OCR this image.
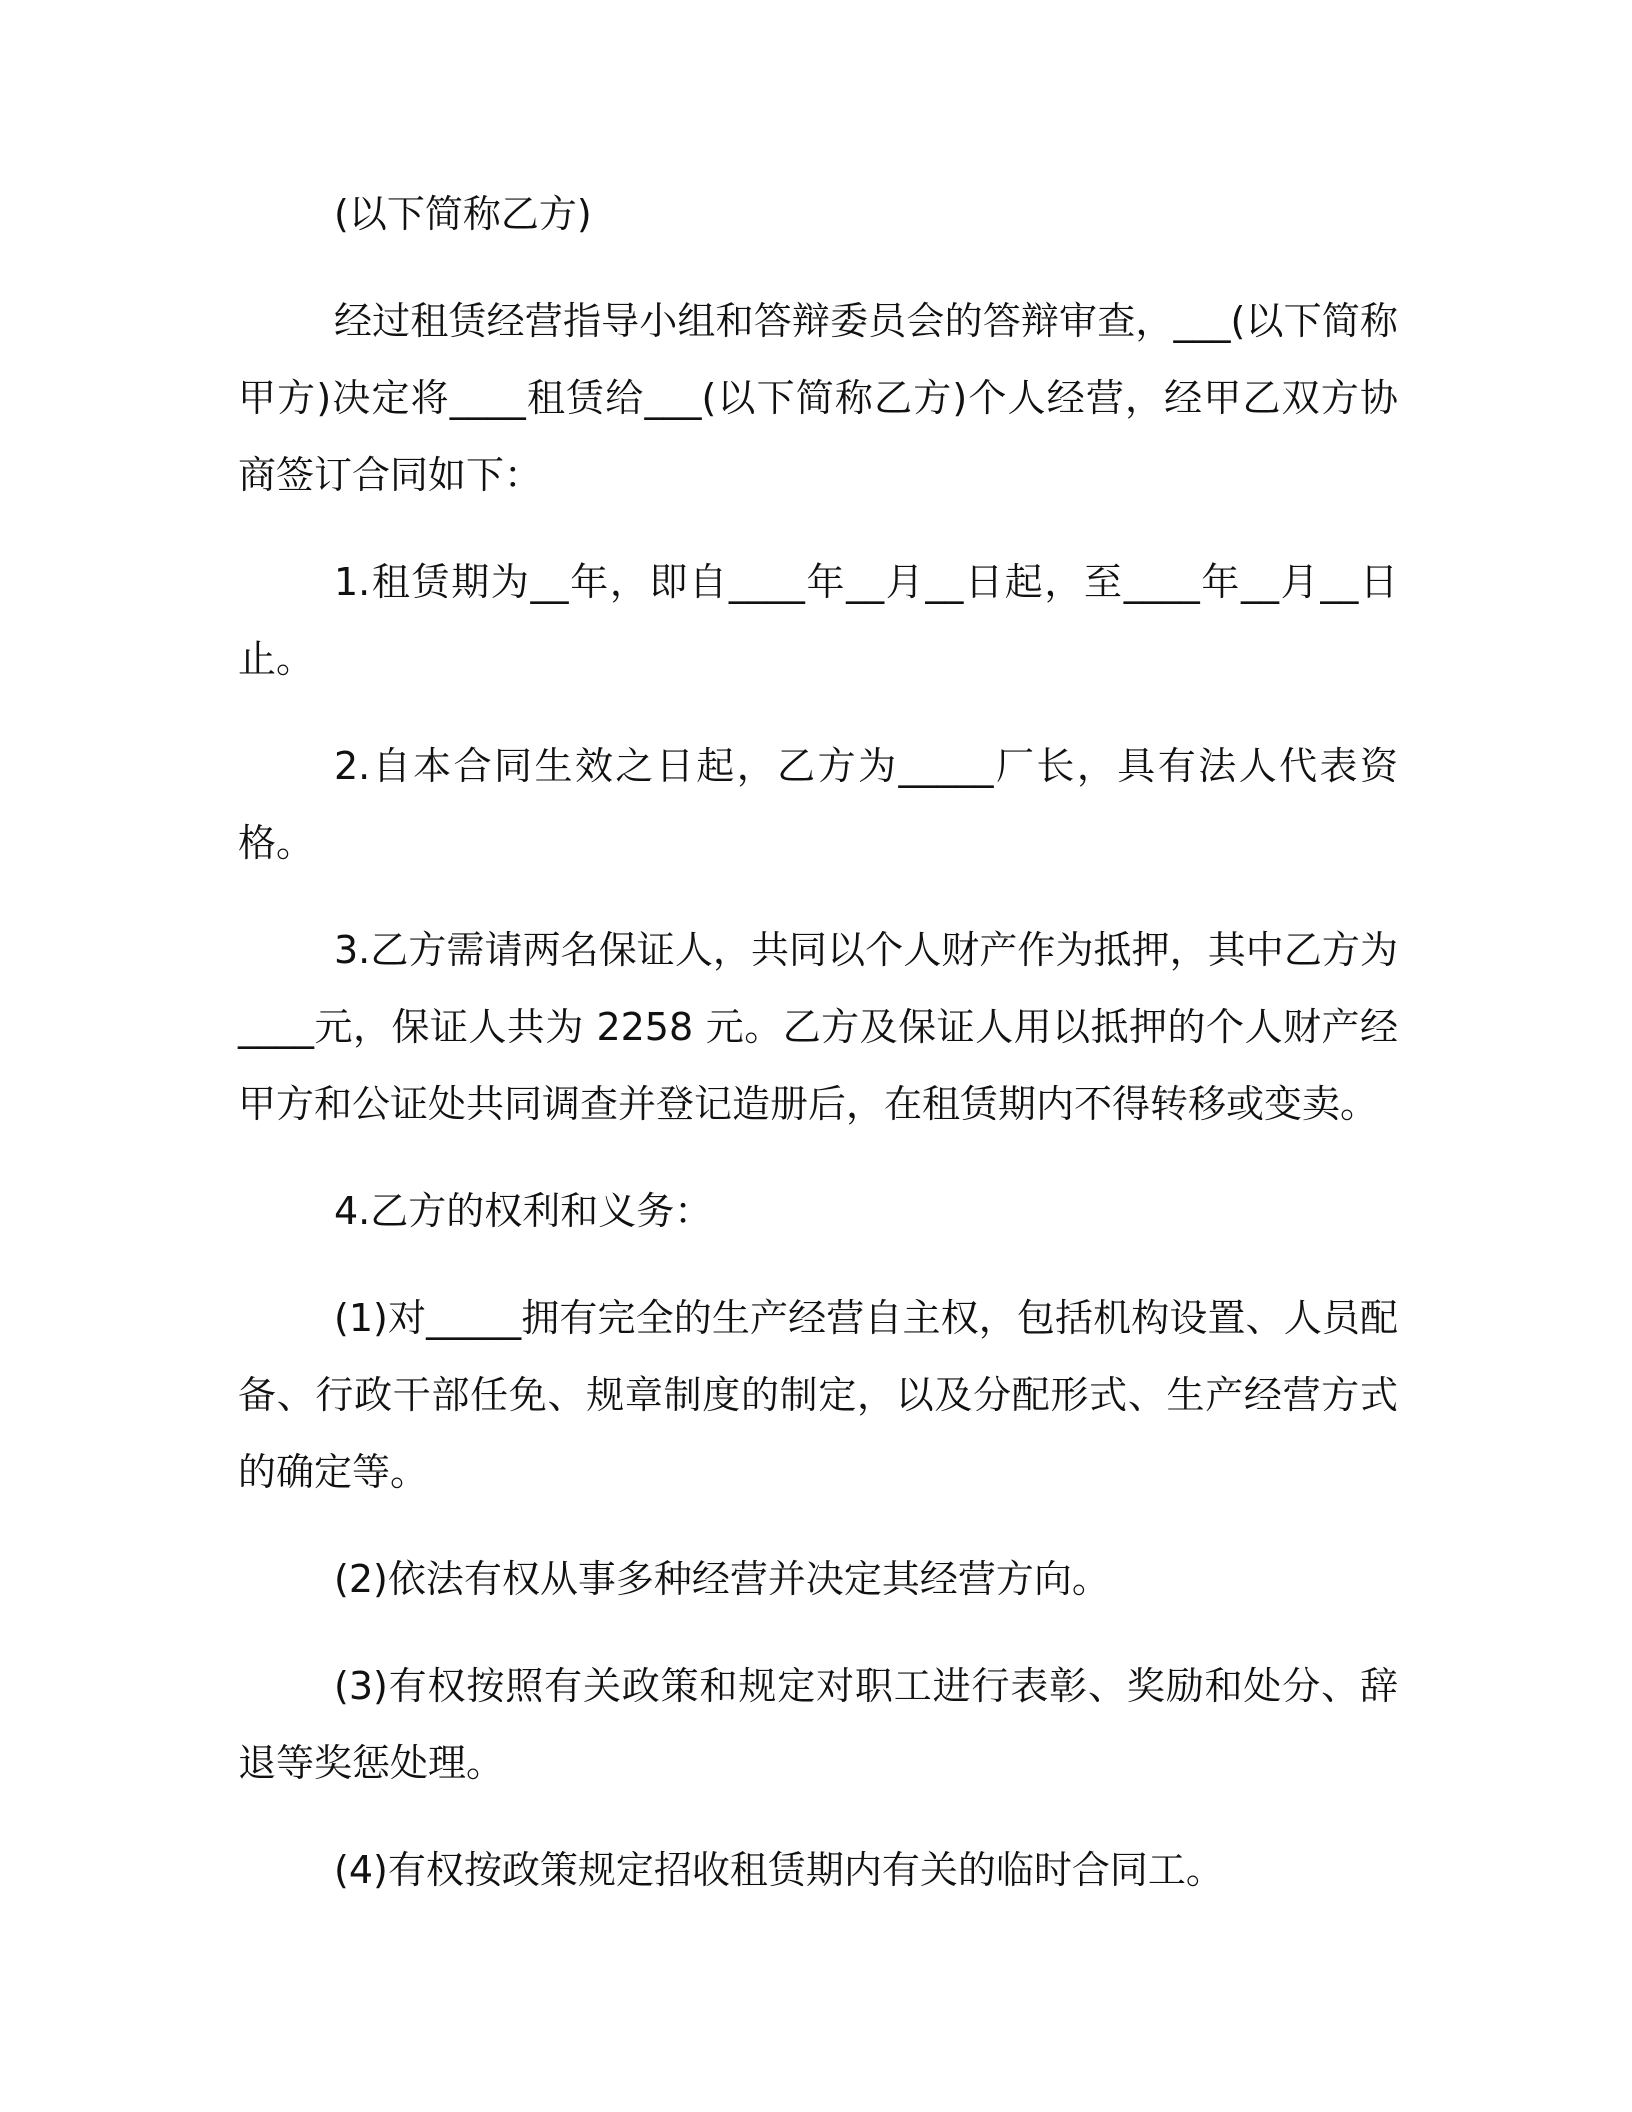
(以下简称乙方)

经过租赁经营指导小组和答辩委员会的答辩审查，___(以下简称甲方)决定将____租赁给___(以下简称乙方)个人经营，经甲乙双方协商签订合同如下：

1.租赁期为__年，即自____年__月__日起，至____年__月__日止。

2.自本合同生效之日起，乙方为_____厂长，具有法人代表资格。

3.乙方需请两名保证人，共同以个人财产作为抵押，其中乙方为____元，保证人共为 2258 元。乙方及保证人用以抵押的个人财产经甲方和公证处共同调查并登记造册后，在租赁期内不得转移或变卖。

4.乙方的权利和义务：

(1)对_____拥有完全的生产经营自主权，包括机构设置、人员配备、行政干部任免、规章制度的制定，以及分配形式、生产经营方式的确定等。

(2)依法有权从事多种经营并决定其经营方向。

(3)有权按照有关政策和规定对职工进行表彰、奖励和处分、辞退等奖惩处理。

(4)有权按政策规定招收租赁期内有关的临时合同工。
